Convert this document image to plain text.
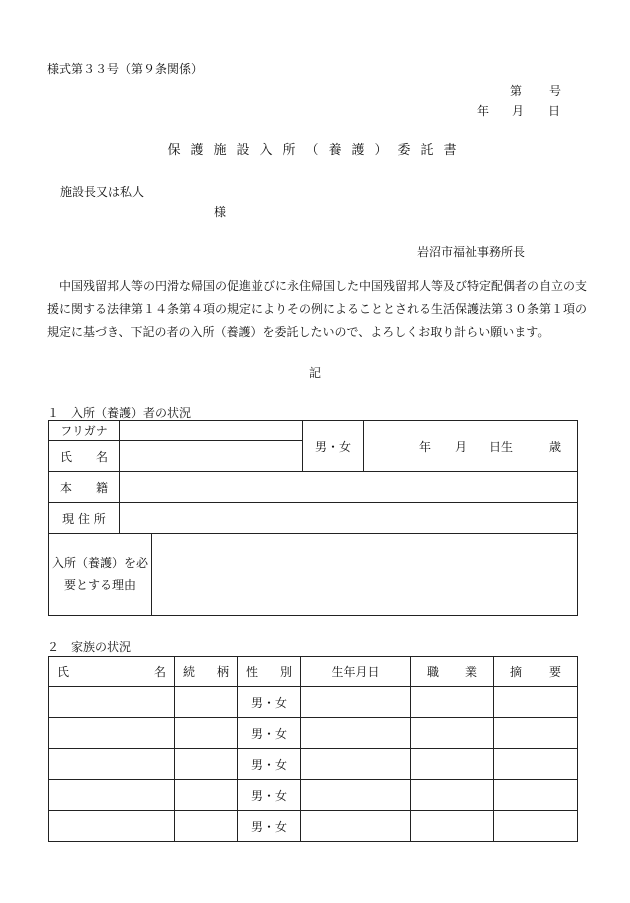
様式第３３号（第９条関係）
第 号
年 月 日
保護施設入所（養護）委託書
施設長又は私人
様
岩沼市福祉事務所長
中国残留邦人等の円滑な帰国の促進並びに永住帰国した中国残留邦人等及び特定配偶者の自立の支援に関する法律第１４条第４項の規定によりその例によることとされる生活保護法第３０条第１項の規定に基づき、下記の者の入所（養護）を委託したいので、よろしくお取り計らい願います。
記
１　入所（養護）者の状況
フリガナ		男・女	年 月 日生 歳

氏　　名			
本　　籍			
現 住 所			
入所（養護）を必要とする理由	
２　家族の状況
氏　　名	続　柄	性　別	生年月日	職　業	摘　要
		男・女			
		男・女			
		男・女			
		男・女			
		男・女			
